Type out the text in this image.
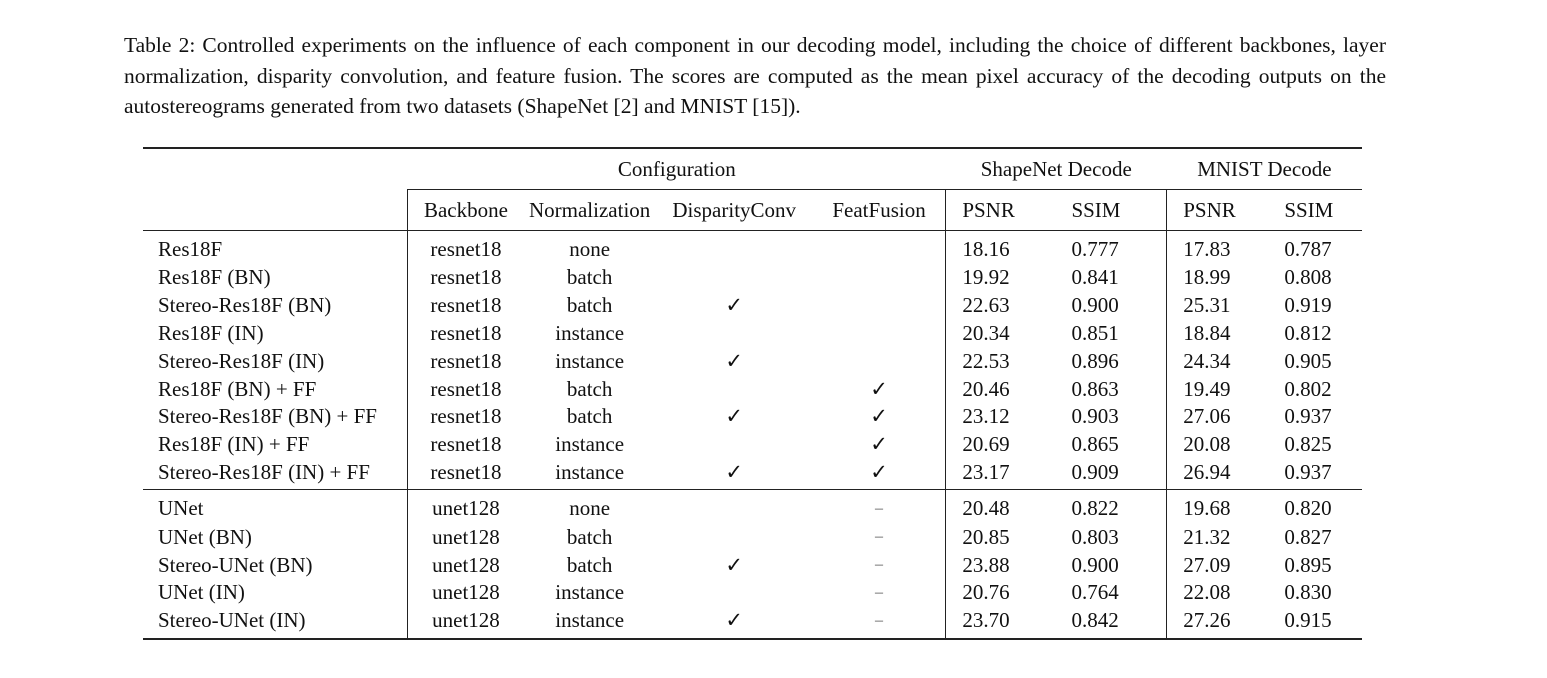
Table 2: Controlled experiments on the influence of each component in our decoding model, including the choice of different backbones, layer normalization, disparity convolution, and feature fusion. The scores are computed as the mean pixel accuracy of the decoding outputs on the autostereograms generated from two datasets (ShapeNet [2] and MNIST [15]).
	Configuration				ShapeNet Decode		MNIST Decode	
	Backbone	Normalization	DisparityConv	FeatFusion	PSNR	SSIM	PSNR	SSIM
Res18F	resnet18	none			18.16	0.777	17.83	0.787
Res18F (BN)	resnet18	batch			19.92	0.841	18.99	0.808
Stereo-Res18F (BN)	resnet18	batch	✓		22.63	0.900	25.31	0.919
Res18F (IN)	resnet18	instance			20.34	0.851	18.84	0.812
Stereo-Res18F (IN)	resnet18	instance	✓		22.53	0.896	24.34	0.905
Res18F (BN) + FF	resnet18	batch		✓	20.46	0.863	19.49	0.802
Stereo-Res18F (BN) + FF	resnet18	batch	✓	✓	23.12	0.903	27.06	0.937
Res18F (IN) + FF	resnet18	instance		✓	20.69	0.865	20.08	0.825
Stereo-Res18F (IN) + FF	resnet18	instance	✓	✓	23.17	0.909	26.94	0.937
UNet	unet128	none		–	20.48	0.822	19.68	0.820
UNet (BN)	unet128	batch		–	20.85	0.803	21.32	0.827
Stereo-UNet (BN)	unet128	batch	✓	–	23.88	0.900	27.09	0.895
UNet (IN)	unet128	instance		–	20.76	0.764	22.08	0.830
Stereo-UNet (IN)	unet128	instance	✓	–	23.70	0.842	27.26	0.915
